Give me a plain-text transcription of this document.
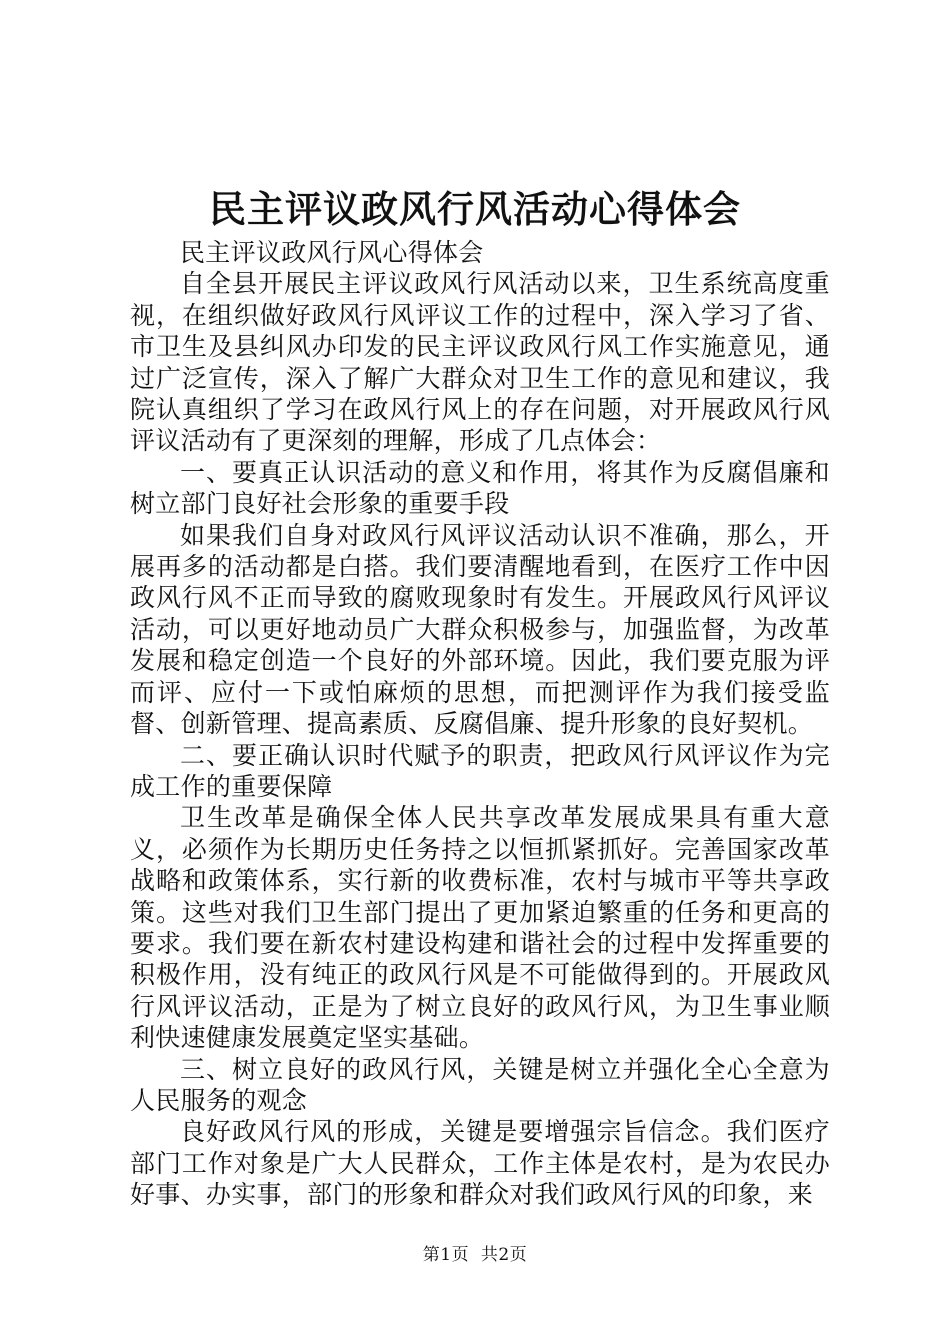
民主评议政风行风活动心得体会

民主评议政风行风心得体会

自全县开展民主评议政风行风活动以来，卫生系统高度重视，在组织做好政风行风评议工作的过程中，深入学习了省、市卫生及县纠风办印发的民主评议政风行风工作实施意见，通过广泛宣传，深入了解广大群众对卫生工作的意见和建议，我院认真组织了学习在政风行风上的存在问题，对开展政风行风评议活动有了更深刻的理解，形成了几点体会：

一、要真正认识活动的意义和作用，将其作为反腐倡廉和树立部门良好社会形象的重要手段

如果我们自身对政风行风评议活动认识不准确，那么，开展再多的活动都是白搭。我们要清醒地看到，在医疗工作中因政风行风不正而导致的腐败现象时有发生。开展政风行风评议活动，可以更好地动员广大群众积极参与，加强监督，为改革发展和稳定创造一个良好的外部环境。因此，我们要克服为评而评、应付一下或怕麻烦的思想，而把测评作为我们接受监督、创新管理、提高素质、反腐倡廉、提升形象的良好契机。

二、要正确认识时代赋予的职责，把政风行风评议作为完成工作的重要保障

卫生改革是确保全体人民共享改革发展成果具有重大意义，必须作为长期历史任务持之以恒抓紧抓好。完善国家改革战略和政策体系，实行新的收费标准，农村与城市平等共享政策。这些对我们卫生部门提出了更加紧迫繁重的任务和更高的要求。我们要在新农村建设构建和谐社会的过程中发挥重要的积极作用，没有纯正的政风行风是不可能做得到的。开展政风行风评议活动，正是为了树立良好的政风行风，为卫生事业顺利快速健康发展奠定坚实基础。

三、树立良好的政风行风，关键是树立并强化全心全意为人民服务的观念

良好政风行风的形成，关键是要增强宗旨信念。我们医疗部门工作对象是广大人民群众，工作主体是农村，是为农民办好事、办实事，部门的形象和群众对我们政风行风的印象，来

第1页  共2页
